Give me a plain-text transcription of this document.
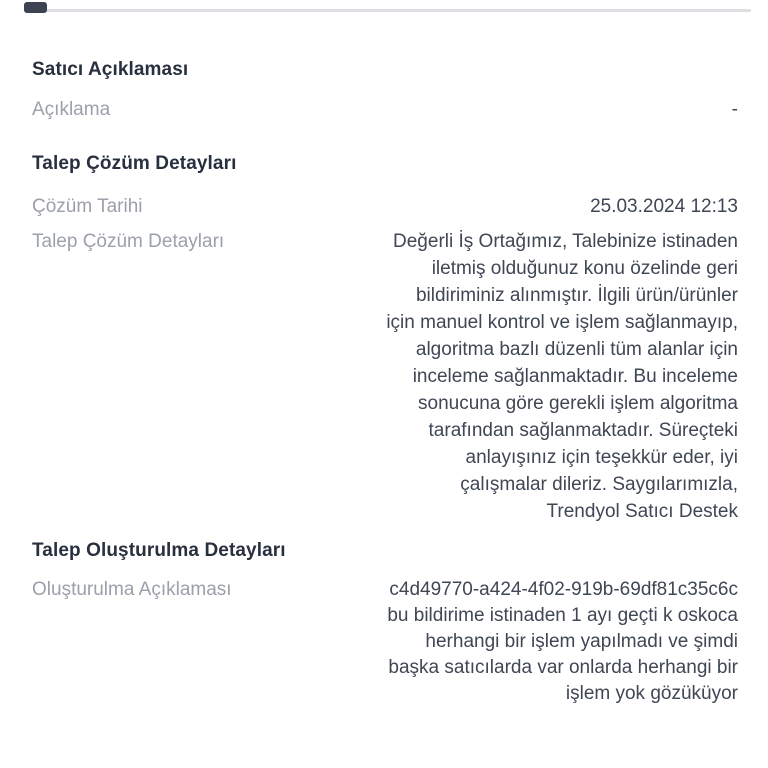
Satıcı Açıklaması
Açıklama	-
Talep Çözüm Detayları
Çözüm Tarihi	25.03.2024 12:13
Talep Çözüm Detayları	Değerli İş Ortağımız, Talebinize istinaden iletmiş olduğunuz konu özelinde geri bildiriminiz alınmıştır. İlgili ürün/ürünler için manuel kontrol ve işlem sağlanmayıp, algoritma bazlı düzenli tüm alanlar için inceleme sağlanmaktadır. Bu inceleme sonucuna göre gerekli işlem algoritma tarafından sağlanmaktadır. Süreçteki anlayışınız için teşekkür eder, iyi çalışmalar dileriz. Saygılarımızla, Trendyol Satıcı Destek
Talep Oluşturulma Detayları
Oluşturulma Açıklaması	c4d49770-a424-4f02-919b-69df81c35c6c bu bildirime istinaden 1 ayı geçti k oskoca herhangi bir işlem yapılmadı ve şimdi başka satıcılarda var onlarda herhangi bir işlem yok gözüküyor
